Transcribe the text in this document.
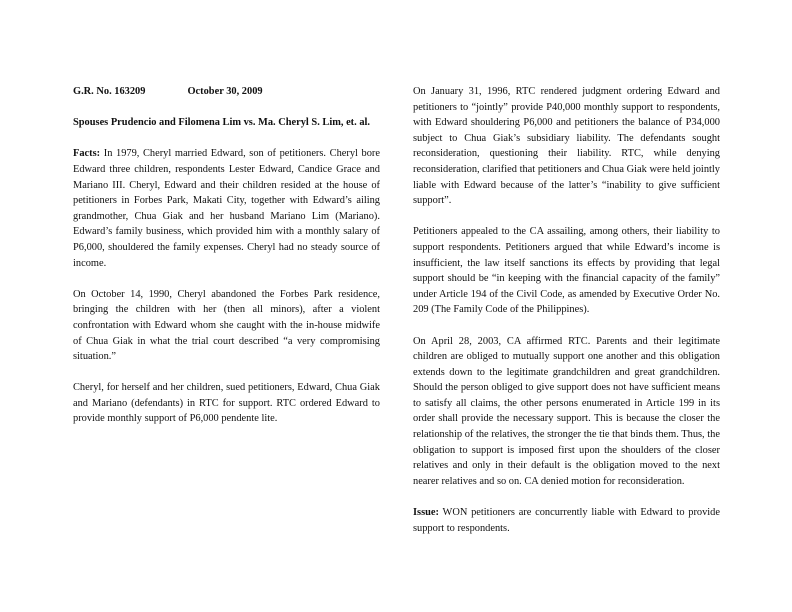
G.R. No. 163209	October 30, 2009

Spouses Prudencio and Filomena Lim vs. Ma. Cheryl S. Lim, et. al.

Facts: In 1979, Cheryl married Edward, son of petitioners. Cheryl bore Edward three children, respondents Lester Edward, Candice Grace and Mariano III. Cheryl, Edward and their children resided at the house of petitioners in Forbes Park, Makati City, together with Edward’s ailing grandmother, Chua Giak and her husband Mariano Lim (Mariano). Edward’s family business, which provided him with a monthly salary of P6,000, shouldered the family expenses. Cheryl had no steady source of income.

On October 14, 1990, Cheryl abandoned the Forbes Park residence, bringing the children with her (then all minors), after a violent confrontation with Edward whom she caught with the in-house midwife of Chua Giak in what the trial court described “a very compromising situation.”

Cheryl, for herself and her children, sued petitioners, Edward, Chua Giak and Mariano (defendants) in RTC for support. RTC ordered Edward to provide monthly support of P6,000 pendente lite.

On January 31, 1996, RTC rendered judgment ordering Edward and petitioners to “jointly” provide P40,000 monthly support to respondents, with Edward shouldering P6,000 and petitioners the balance of P34,000 subject to Chua Giak’s subsidiary liability. The defendants sought reconsideration, questioning their liability. RTC, while denying reconsideration, clarified that petitioners and Chua Giak were held jointly liable with Edward because of the latter’s “inability to give sufficient support”.

Petitioners appealed to the CA assailing, among others, their liability to support respondents. Petitioners argued that while Edward’s income is insufficient, the law itself sanctions its effects by providing that legal support should be “in keeping with the financial capacity of the family” under Article 194 of the Civil Code, as amended by Executive Order No. 209 (The Family Code of the Philippines).

On April 28, 2003, CA affirmed RTC. Parents and their legitimate children are obliged to mutually support one another and this obligation extends down to the legitimate grandchildren and great grandchildren. Should the person obliged to give support does not have sufficient means to satisfy all claims, the other persons enumerated in Article 199 in its order shall provide the necessary support. This is because the closer the relationship of the relatives, the stronger the tie that binds them. Thus, the obligation to support is imposed first upon the shoulders of the closer relatives and only in their default is the obligation moved to the next nearer relatives and so on. CA denied motion for reconsideration.

Issue: WON petitioners are concurrently liable with Edward to provide support to respondents.
